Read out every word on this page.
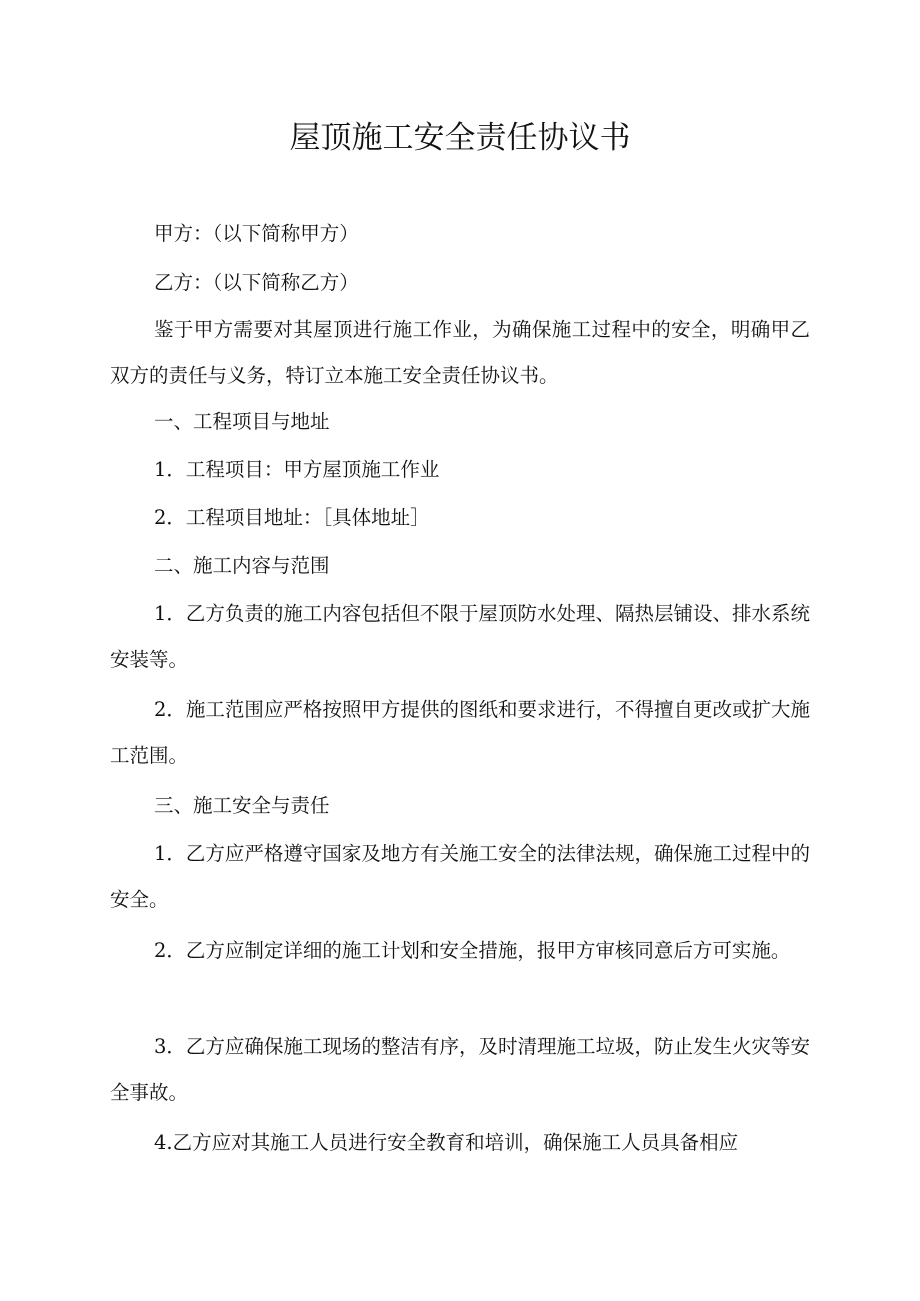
屋顶施工安全责任协议书

甲方：（以下简称甲方）

乙方：（以下简称乙方）

鉴于甲方需要对其屋顶进行施工作业，为确保施工过程中的安全，明确甲乙双方的责任与义务，特订立本施工安全责任协议书。

一、工程项目与地址

1．工程项目：甲方屋顶施工作业

2．工程项目地址：［具体地址］

二、施工内容与范围

1．乙方负责的施工内容包括但不限于屋顶防水处理、隔热层铺设、排水系统安装等。

2．施工范围应严格按照甲方提供的图纸和要求进行，不得擅自更改或扩大施工范围。

三、施工安全与责任

1．乙方应严格遵守国家及地方有关施工安全的法律法规，确保施工过程中的安全。

2．乙方应制定详细的施工计划和安全措施，报甲方审核同意后方可实施。

3．乙方应确保施工现场的整洁有序，及时清理施工垃圾，防止发生火灾等安全事故。

4.乙方应对其施工人员进行安全教育和培训，确保施工人员具备相应
